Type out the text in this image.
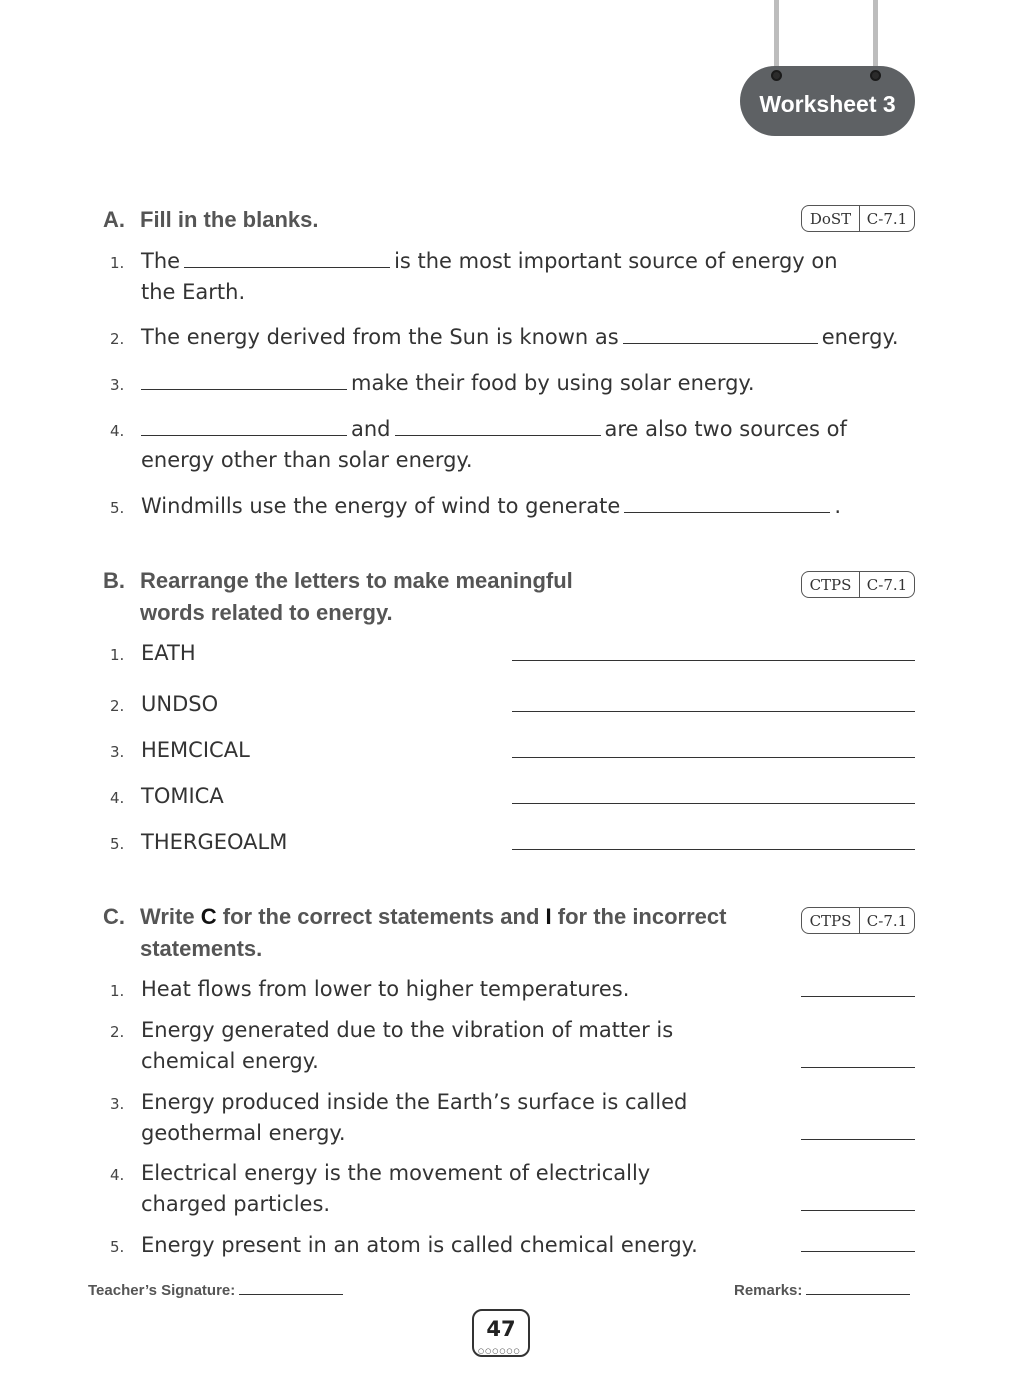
Worksheet 3
A. Fill in the blanks.	DoST	C-7.1
1. The	is the most important source of energy on
the Earth.
2. The energy derived from the Sun is known as	energy.
3.	make their food by using solar energy.
4.	and	are also two sources of
energy other than solar energy.
5. Windmills use the energy of wind to generate	.
B. Rearrange the letters to make meaningful
words related to energy.
CTPS	C-7.1
1. EATH
2. UNDSO
3. HEMCICAL
4. TOMICA
5. THERGEOALM
C. Write C for the correct statements and I for the incorrect
statements.
CTPS	C-7.1
1. Heat flows from lower to higher temperatures.
2. Energy generated due to the vibration of matter is
chemical energy.
3. Energy produced inside the Earth’s surface is called
geothermal energy.
4. Electrical energy is the movement of electrically
charged particles.
5. Energy present in an atom is called chemical energy.
Teacher’s Signature:	Remarks:
47
○○○○○○
